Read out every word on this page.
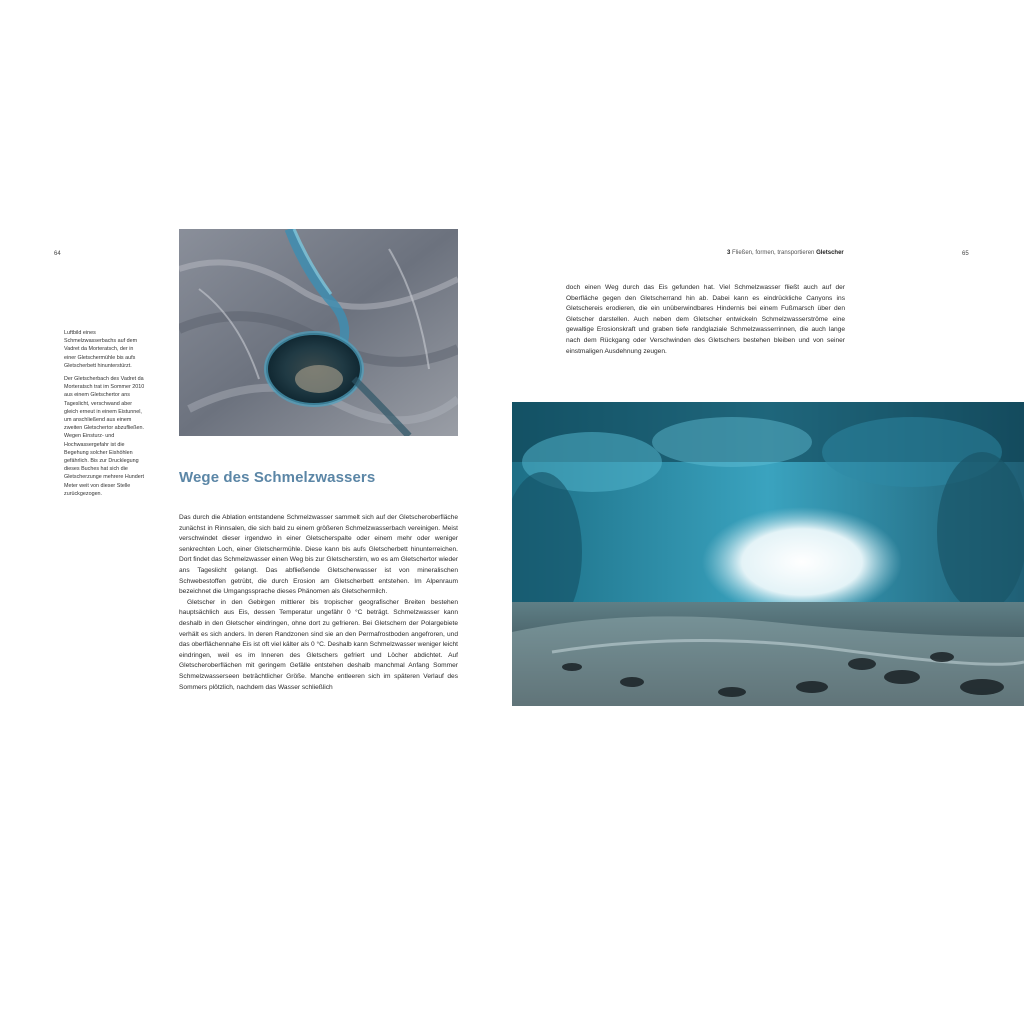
64

Luftbild eines Schmelzwasserbachs auf dem Vadret da Morteratsch, der in einer Gletschermühle bis aufs Gletscherbett hinunterstürzt.

Der Gletscherbach des Vadret da Morteratsch trat im Sommer 2010 aus einem Gletschertor ans Tageslicht, verschwand aber gleich erneut in einem Eistunnel, um anschließend aus einem zweiten Gletschertor abzufließen. Wegen Einsturz- und Hochwassergefahr ist die Begehung solcher Eishöhlen gefährlich. Bis zur Drucklegung dieses Buches hat sich die Gletscherzunge mehrere Hundert Meter weit von dieser Stelle zurückgezogen.

Wege des Schmelzwassers

Das durch die Ablation entstandene Schmelzwasser sammelt sich auf der Gletscheroberfläche zunächst in Rinnsalen, die sich bald zu einem größeren Schmelzwasserbach vereinigen. Meist verschwindet dieser irgendwo in einer Gletscherspalte oder einem mehr oder weniger senkrechten Loch, einer Gletschermühle. Diese kann bis aufs Gletscherbett hinunterreichen. Dort findet das Schmelzwasser einen Weg bis zur Gletscherstirn, wo es am Gletschertor wieder ans Tageslicht gelangt. Das abfließende Gletscherwasser ist von mineralischen Schwebestoffen getrübt, die durch Erosion am Gletscherbett entstehen. Im Alpenraum bezeichnet die Umgangssprache dieses Phänomen als Gletschermilch.

Gletscher in den Gebirgen mittlerer bis tropischer geografischer Breiten bestehen hauptsächlich aus Eis, dessen Temperatur ungefähr 0 °C beträgt. Schmelzwasser kann deshalb in den Gletscher eindringen, ohne dort zu gefrieren. Bei Gletschern der Polargebiete verhält es sich anders. In deren Randzonen sind sie an den Permafrostboden angefroren, und das oberflächennahe Eis ist oft viel kälter als 0 °C. Deshalb kann Schmelzwasser weniger leicht eindringen, weil es im Inneren des Gletschers gefriert und Löcher abdichtet. Auf Gletscheroberflächen mit geringem Gefälle entstehen deshalb manchmal Anfang Sommer Schmelzwasserseen beträchtlicher Größe. Manche entleeren sich im späteren Verlauf des Sommers plötzlich, nachdem das Wasser schließlich

3 Fließen, formen, transportieren Gletscher	65

doch einen Weg durch das Eis gefunden hat. Viel Schmelzwasser fließt auch auf der Oberfläche gegen den Gletscherrand hin ab. Dabei kann es eindrückliche Canyons ins Gletschereis erodieren, die ein unüberwindbares Hindernis bei einem Fußmarsch über den Gletscher darstellen. Auch neben dem Gletscher entwickeln Schmelzwasserströme eine gewaltige Erosionskraft und graben tiefe randglaziale Schmelzwasserrinnen, die auch lange nach dem Rückgang oder Verschwinden des Gletschers bestehen bleiben und von seiner einstmaligen Ausdehnung zeugen.
